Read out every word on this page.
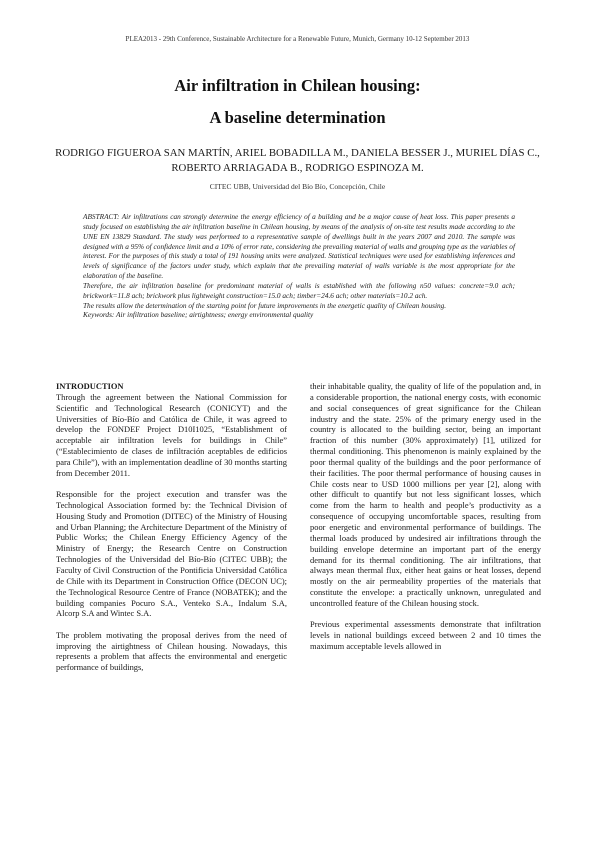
PLEA2013 - 29th Conference, Sustainable Architecture for a Renewable Future, Munich, Germany 10-12 September 2013
Air infiltration in Chilean housing:
A baseline determination
RODRIGO FIGUEROA SAN MARTÍN, ARIEL BOBADILLA M., DANIELA BESSER J., MURIEL DÍAS C., ROBERTO ARRIAGADA B., RODRIGO ESPINOZA M.
CITEC UBB, Universidad del Bío Bío, Concepción, Chile

ABSTRACT: Air infiltrations can strongly determine the energy efficiency of a building and be a major cause of heat loss. This paper presents a study focused on establishing the air infiltration baseline in Chilean housing, by means of the analysis of on-site test results made according to the UNE EN 13829 Standard. The study was performed to a representative sample of dwellings built in the years 2007 and 2010. The sample was designed with a 95% of confidence limit and a 10% of error rate, considering the prevailing material of walls and grouping type as the variables of interest. For the purposes of this study a total of 191 housing units were analyzed. Statistical techniques were used for establishing inferences and levels of significance of the factors under study, which explain that the prevailing material of walls variable is the most appropriate for the elaboration of the baseline.

Therefore, the air infiltration baseline for predominant material of walls is established with the following n50 values: concrete=9.0 ach; brickwork=11.8 ach; brickwork plus lightweight construction=15.0 ach; timber=24.6 ach; other materials=10.2 ach.

The results allow the determination of the starting point for future improvements in the energetic quality of Chilean housing.

Keywords: Air infiltration baseline; airtightness; energy environmental quality

INTRODUCTION
Through the agreement between the National Commission for Scientific and Technological Research (CONICYT) and the Universities of Bío-Bío and Católica de Chile, it was agreed to develop the FONDEF Project D10I1025, “Establishment of acceptable air infiltration levels for buildings in Chile” (“Establecimiento de clases de infiltración aceptables de edificios para Chile”), with an implementation deadline of 30 months starting from December 2011.

Responsible for the project execution and transfer was the Technological Association formed by: the Technical Division of Housing Study and Promotion (DITEC) of the Ministry of Housing and Urban Planning; the Architecture Department of the Ministry of Public Works; the Chilean Energy Efficiency Agency of the Ministry of Energy; the Research Centre on Construction Technologies of the Universidad del Bío-Bío (CITEC UBB); the Faculty of Civil Construction of the Pontificia Universidad Católica de Chile with its Department in Construction Office (DECON UC); the Technological Resource Centre of France (NOBATEK); and the building companies Pocuro S.A., Venteko S.A., Indalum S.A, Alcorp S.A and Wintec S.A.

The problem motivating the proposal derives from the need of improving the airtightness of Chilean housing. Nowadays, this represents a problem that affects the environmental and energetic performance of buildings,

their inhabitable quality, the quality of life of the population and, in a considerable proportion, the national energy costs, with economic and social consequences of great significance for the Chilean industry and the state. 25% of the primary energy used in the country is allocated to the building sector, being an important fraction of this number (30% approximately) [1], utilized for thermal conditioning. This phenomenon is mainly explained by the poor thermal quality of the buildings and the poor performance of their facilities. The poor thermal performance of housing causes in Chile costs near to USD 1000 millions per year [2], along with other difficult to quantify but not less significant losses, which come from the harm to health and people’s productivity as a consequence of occupying uncomfortable spaces, resulting from poor energetic and environmental performance of buildings. The thermal loads produced by undesired air infiltrations through the building envelope determine an important part of the energy demand for its thermal conditioning. The air infiltrations, that always mean thermal flux, either heat gains or heat losses, depend mostly on the air permeability properties of the materials that constitute the envelope: a practically unknown, unregulated and uncontrolled feature of the Chilean housing stock.

Previous experimental assessments demonstrate that infiltration levels in national buildings exceed between 2 and 10 times the maximum acceptable levels allowed in
